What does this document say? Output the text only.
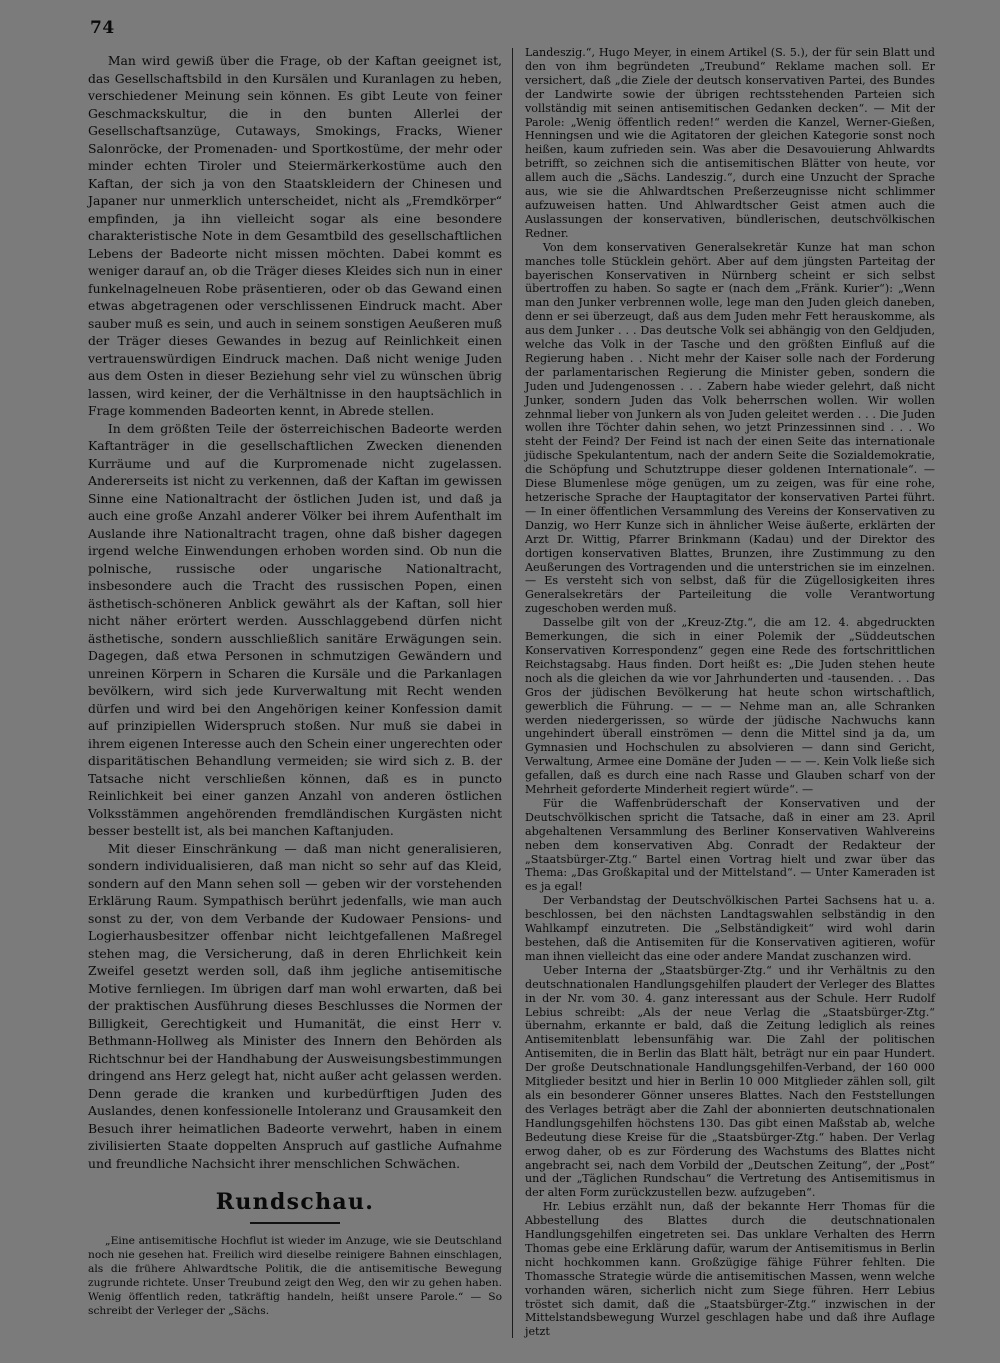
74

Man wird gewiß über die Frage, ob der Kaftan geeignet ist, das Gesellschaftsbild in den Kursälen und Kuranlagen zu heben, verschiedener Meinung sein können. Es gibt Leute von feiner Geschmackskultur, die in den bunten Allerlei der Gesellschaftsanzüge, Cutaways, Smokings, Fracks, Wiener Salonröcke, der Promenaden- und Sportkostüme, der mehr oder minder echten Tiroler und Steiermärkerkostüme auch den Kaftan, der sich ja von den Staatskleidern der Chinesen und Japaner nur unmerklich unterscheidet, nicht als „Fremdkörper“ empfinden, ja ihn vielleicht sogar als eine besondere charakteristische Note in dem Gesamtbild des gesellschaftlichen Lebens der Badeorte nicht missen möchten. Dabei kommt es weniger darauf an, ob die Träger dieses Kleides sich nun in einer funkelnagelneuen Robe präsentieren, oder ob das Gewand einen etwas abgetragenen oder verschlissenen Eindruck macht. Aber sauber muß es sein, und auch in seinem sonstigen Aeußeren muß der Träger dieses Gewandes in bezug auf Reinlichkeit einen vertrauenswürdigen Eindruck machen. Daß nicht wenige Juden aus dem Osten in dieser Beziehung sehr viel zu wünschen übrig lassen, wird keiner, der die Verhältnisse in den hauptsächlich in Frage kommenden Badeorten kennt, in Abrede stellen.

In dem größten Teile der österreichischen Badeorte werden Kaftanträger in die gesellschaftlichen Zwecken dienenden Kurräume und auf die Kurpromenade nicht zugelassen. Andererseits ist nicht zu verkennen, daß der Kaftan im gewissen Sinne eine Nationaltracht der östlichen Juden ist, und daß ja auch eine große Anzahl anderer Völker bei ihrem Aufenthalt im Auslande ihre Nationaltracht tragen, ohne daß bisher dagegen irgend welche Einwendungen erhoben worden sind. Ob nun die polnische, russische oder ungarische Nationaltracht, insbesondere auch die Tracht des russischen Popen, einen ästhetisch-schöneren Anblick gewährt als der Kaftan, soll hier nicht näher erörtert werden. Ausschlaggebend dürfen nicht ästhetische, sondern ausschließlich sanitäre Erwägungen sein. Dagegen, daß etwa Personen in schmutzigen Gewändern und unreinen Körpern in Scharen die Kursäle und die Parkanlagen bevölkern, wird sich jede Kurverwaltung mit Recht wenden dürfen und wird bei den Angehörigen keiner Konfession damit auf prinzipiellen Widerspruch stoßen. Nur muß sie dabei in ihrem eigenen Interesse auch den Schein einer ungerechten oder disparitätischen Behandlung vermeiden; sie wird sich z. B. der Tatsache nicht verschließen können, daß es in puncto Reinlichkeit bei einer ganzen Anzahl von anderen östlichen Volksstämmen angehörenden fremdländischen Kurgästen nicht besser bestellt ist, als bei manchen Kaftanjuden.

Mit dieser Einschränkung — daß man nicht generalisieren, sondern individualisieren, daß man nicht so sehr auf das Kleid, sondern auf den Mann sehen soll — geben wir der vorstehenden Erklärung Raum. Sympathisch berührt jedenfalls, wie man auch sonst zu der, von dem Verbande der Kudowaer Pensions- und Logierhausbesitzer offenbar nicht leichtgefallenen Maßregel stehen mag, die Versicherung, daß in deren Ehrlichkeit kein Zweifel gesetzt werden soll, daß ihm jegliche antisemitische Motive fernliegen. Im übrigen darf man wohl erwarten, daß bei der praktischen Ausführung dieses Beschlusses die Normen der Billigkeit, Gerechtigkeit und Humanität, die einst Herr v. Bethmann-Hollweg als Minister des Innern den Behörden als Richtschnur bei der Handhabung der Ausweisungsbestimmungen dringend ans Herz gelegt hat, nicht außer acht gelassen werden. Denn gerade die kranken und kurbedürftigen Juden des Auslandes, denen konfessionelle Intoleranz und Grausamkeit den Besuch ihrer heimatlichen Badeorte verwehrt, haben in einem zivilisierten Staate doppelten Anspruch auf gastliche Aufnahme und freundliche Nachsicht ihrer menschlichen Schwächen.

Rundschau.

„Eine antisemitische Hochflut ist wieder im Anzuge, wie sie Deutschland noch nie gesehen hat. Freilich wird dieselbe reinigere Bahnen einschlagen, als die frühere Ahlwardtsche Politik, die die antisemitische Bewegung zugrunde richtete. Unser Treubund zeigt den Weg, den wir zu gehen haben. Wenig öffentlich reden, tatkräftig handeln, heißt unsere Parole.“ — So schreibt der Verleger der „Sächs.

Landeszig.“, Hugo Meyer, in einem Artikel (S. 5.), der für sein Blatt und den von ihm begründeten „Treubund“ Reklame machen soll. Er versichert, daß „die Ziele der deutsch konservativen Partei, des Bundes der Landwirte sowie der übrigen rechtsstehenden Parteien sich vollständig mit seinen antisemitischen Gedanken decken“. — Mit der Parole: „Wenig öffentlich reden!“ werden die Kanzel, Werner-Gießen, Henningsen und wie die Agitatoren der gleichen Kategorie sonst noch heißen, kaum zufrieden sein. Was aber die Desavouierung Ahlwardts betrifft, so zeichnen sich die antisemitischen Blätter von heute, vor allem auch die „Sächs. Landeszig.“, durch eine Unzucht der Sprache aus, wie sie die Ahlwardtschen Preßerzeugnisse nicht schlimmer aufzuweisen hatten. Und Ahlwardtscher Geist atmen auch die Auslassungen der konservativen, bündlerischen, deutschvölkischen Redner.

Von dem konservativen Generalsekretär Kunze hat man schon manches tolle Stücklein gehört. Aber auf dem jüngsten Parteitag der bayerischen Konservativen in Nürnberg scheint er sich selbst übertroffen zu haben. So sagte er (nach dem „Fränk. Kurier“): „Wenn man den Junker verbrennen wolle, lege man den Juden gleich daneben, denn er sei überzeugt, daß aus dem Juden mehr Fett herauskomme, als aus dem Junker . . . Das deutsche Volk sei abhängig von den Geldjuden, welche das Volk in der Tasche und den größten Einfluß auf die Regierung haben . . Nicht mehr der Kaiser solle nach der Forderung der parlamentarischen Regierung die Minister geben, sondern die Juden und Judengenossen . . . Zabern habe wieder gelehrt, daß nicht Junker, sondern Juden das Volk beherrschen wollen. Wir wollen zehnmal lieber von Junkern als von Juden geleitet werden . . . Die Juden wollen ihre Töchter dahin sehen, wo jetzt Prinzessinnen sind . . . Wo steht der Feind? Der Feind ist nach der einen Seite das internationale jüdische Spekulantentum, nach der andern Seite die Sozialdemokratie, die Schöpfung und Schutztruppe dieser goldenen Internationale“. — Diese Blumenlese möge genügen, um zu zeigen, was für eine rohe, hetzerische Sprache der Hauptagitator der konservativen Partei führt. — In einer öffentlichen Versammlung des Vereins der Konservativen zu Danzig, wo Herr Kunze sich in ähnlicher Weise äußerte, erklärten der Arzt Dr. Wittig, Pfarrer Brinkmann (Kadau) und der Direktor des dortigen konservativen Blattes, Brunzen, ihre Zustimmung zu den Aeußerungen des Vortragenden und die unterstrichen sie im einzelnen. — Es versteht sich von selbst, daß für die Zügellosigkeiten ihres Generalsekretärs der Parteileitung die volle Verantwortung zugeschoben werden muß.

Dasselbe gilt von der „Kreuz-Ztg.“, die am 12. 4. abgedruckten Bemerkungen, die sich in einer Polemik der „Süddeutschen Konservativen Korrespondenz“ gegen eine Rede des fortschrittlichen Reichstagsabg. Haus finden. Dort heißt es: „Die Juden stehen heute noch als die gleichen da wie vor Jahrhunderten und -tausenden. . . Das Gros der jüdischen Bevölkerung hat heute schon wirtschaftlich, gewerblich die Führung. — — — Nehme man an, alle Schranken werden niedergerissen, so würde der jüdische Nachwuchs kann ungehindert überall einströmen — denn die Mittel sind ja da, um Gymnasien und Hochschulen zu absolvieren — dann sind Gericht, Verwaltung, Armee eine Domäne der Juden — — —. Kein Volk ließe sich gefallen, daß es durch eine nach Rasse und Glauben scharf von der Mehrheit geforderte Minderheit regiert würde“. —

Für die Waffenbrüderschaft der Konservativen und der Deutschvölkischen spricht die Tatsache, daß in einer am 23. April abgehaltenen Versammlung des Berliner Konservativen Wahlvereins neben dem konservativen Abg. Conradt der Redakteur der „Staatsbürger-Ztg.“ Bartel einen Vortrag hielt und zwar über das Thema: „Das Großkapital und der Mittelstand“. — Unter Kameraden ist es ja egal!

Der Verbandstag der Deutschvölkischen Partei Sachsens hat u. a. beschlossen, bei den nächsten Landtagswahlen selbständig in den Wahlkampf einzutreten. Die „Selbständigkeit“ wird wohl darin bestehen, daß die Antisemiten für die Konservativen agitieren, wofür man ihnen vielleicht das eine oder andere Mandat zuschanzen wird.

Ueber Interna der „Staatsbürger-Ztg.“ und ihr Verhältnis zu den deutschnationalen Handlungsgehilfen plaudert der Verleger des Blattes in der Nr. vom 30. 4. ganz interessant aus der Schule. Herr Rudolf Lebius schreibt: „Als der neue Verlag die „Staatsbürger-Ztg.“ übernahm, erkannte er bald, daß die Zeitung lediglich als reines Antisemitenblatt lebensunfähig war. Die Zahl der politischen Antisemiten, die in Berlin das Blatt hält, beträgt nur ein paar Hundert. Der große Deutschnationale Handlungsgehilfen-Verband, der 160 000 Mitglieder besitzt und hier in Berlin 10 000 Mitglieder zählen soll, gilt als ein besonderer Gönner unseres Blattes. Nach den Feststellungen des Verlages beträgt aber die Zahl der abonnierten deutschnationalen Handlungsgehilfen höchstens 130. Das gibt einen Maßstab ab, welche Bedeutung diese Kreise für die „Staatsbürger-Ztg.“ haben. Der Verlag erwog daher, ob es zur Förderung des Wachstums des Blattes nicht angebracht sei, nach dem Vorbild der „Deutschen Zeitung“, der „Post“ und der „Täglichen Rundschau“ die Vertretung des Antisemitismus in der alten Form zurückzustellen bezw. aufzugeben“.

Hr. Lebius erzählt nun, daß der bekannte Herr Thomas für die Abbestellung des Blattes durch die deutschnationalen Handlungsgehilfen eingetreten sei. Das unklare Verhalten des Herrn Thomas gebe eine Erklärung dafür, warum der Antisemitismus in Berlin nicht hochkommen kann. Großzügige fähige Führer fehlten. Die Thomassche Strategie würde die antisemitischen Massen, wenn welche vorhanden wären, sicherlich nicht zum Siege führen. Herr Lebius tröstet sich damit, daß die „Staatsbürger-Ztg.“ inzwischen in der Mittelstandsbewegung Wurzel geschlagen habe und daß ihre Auflage jetzt
